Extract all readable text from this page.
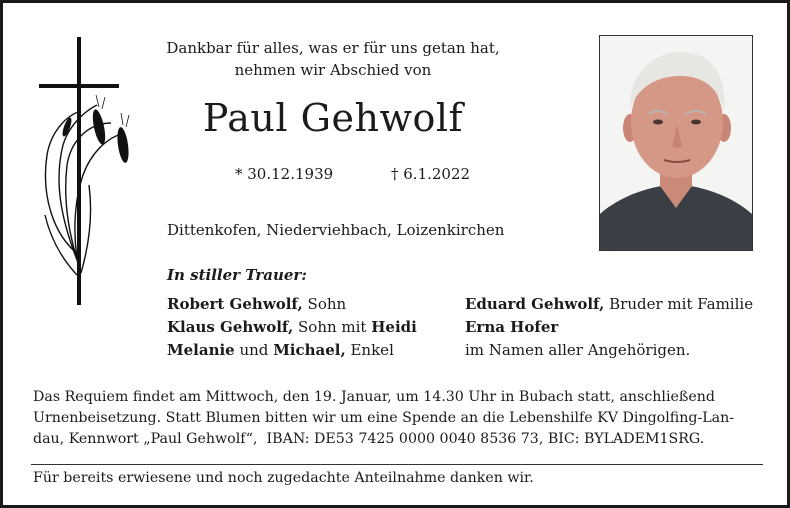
Dankbar für alles, was er für uns getan hat,
nehmen wir Abschied von
Paul Gehwolf
* 30.12.1939	† 6.1.2022
Dittenkofen, Niederviehbach, Loizenkirchen
In stiller Trauer:
Robert Gehwolf, Sohn
Klaus Gehwolf, Sohn mit Heidi
Melanie und Michael, Enkel
Eduard Gehwolf, Bruder mit Familie
Erna Hofer
im Namen aller Angehörigen.
Das Requiem findet am Mittwoch, den 19. Januar, um 14.30 Uhr in Bubach statt, anschließend
Urnenbeisetzung. Statt Blumen bitten wir um eine Spende an die Lebenshilfe KV Dingolfing-Lan-
dau, Kennwort „Paul Gehwolf“,  IBAN: DE53 7425 0000 0040 8536 73, BIC: BYLADEM1SRG.
Für bereits erwiesene und noch zugedachte Anteilnahme danken wir.
